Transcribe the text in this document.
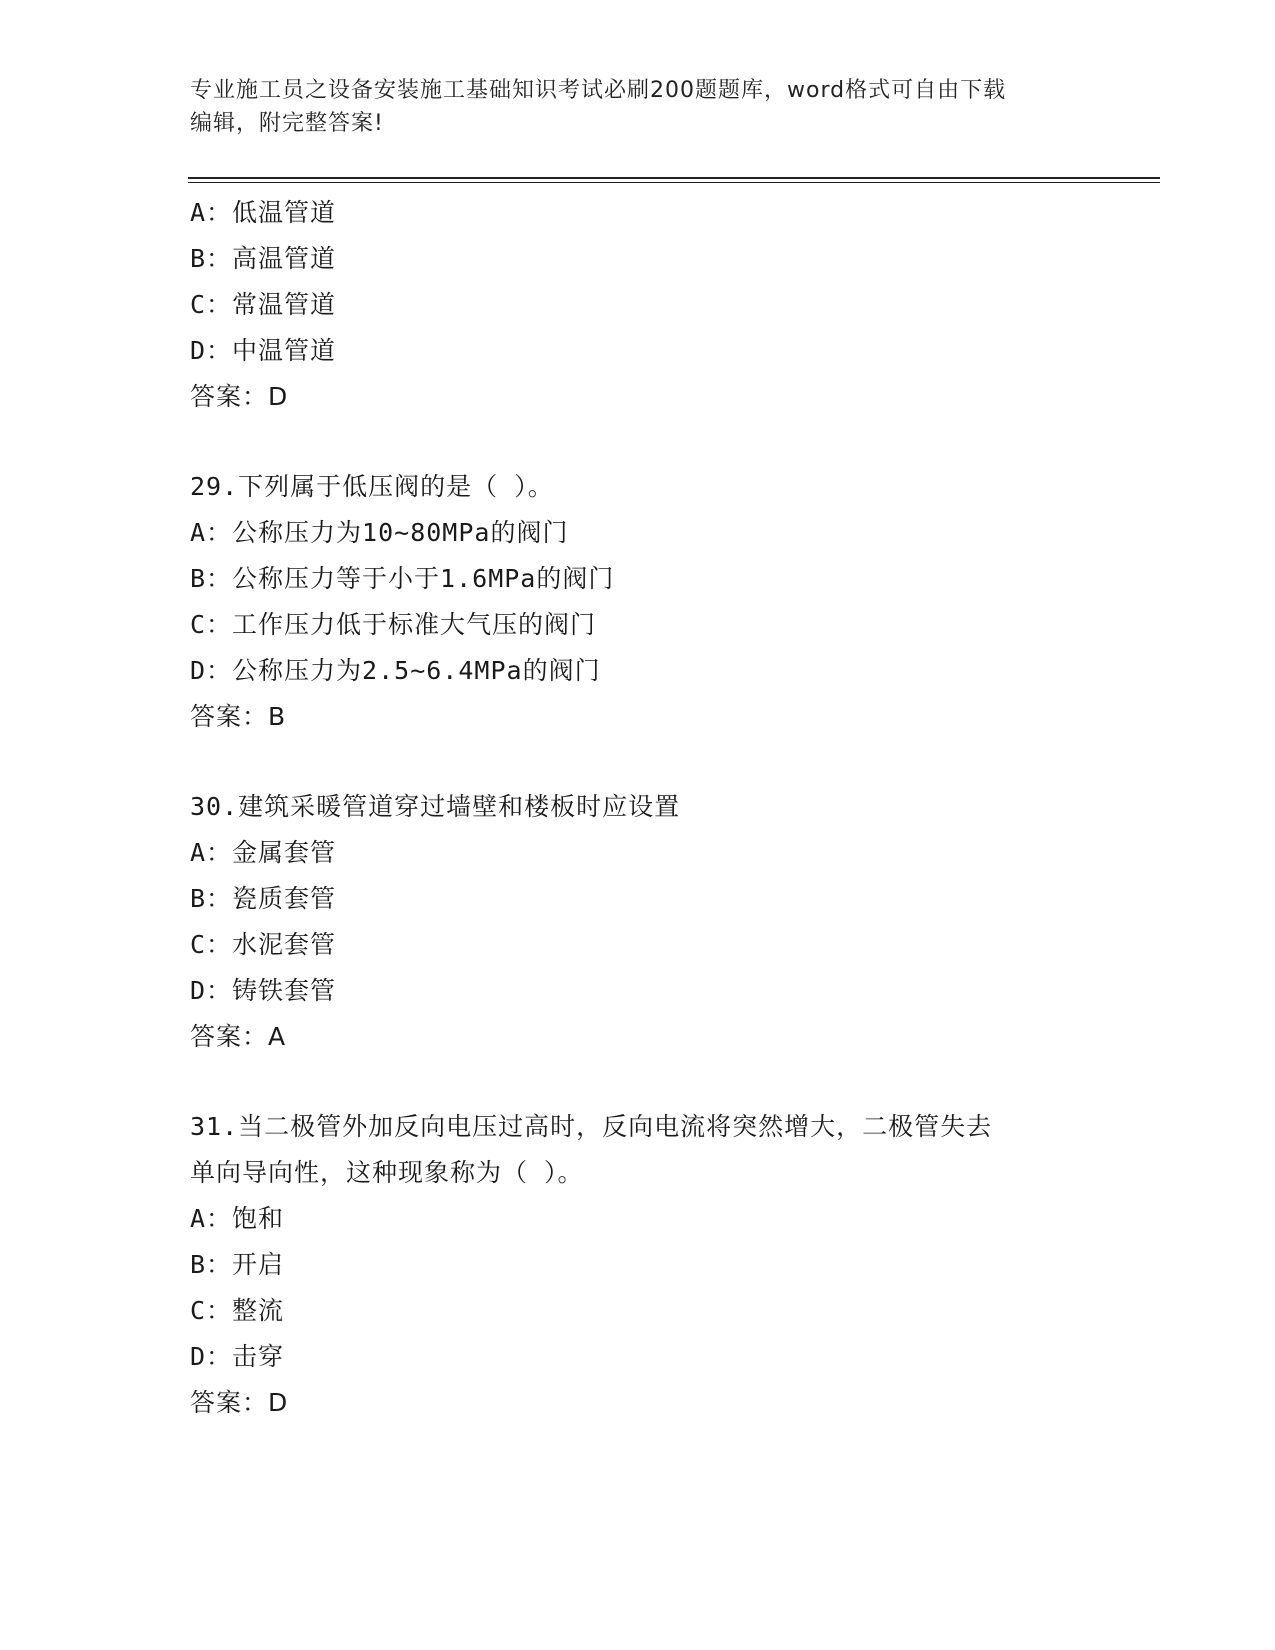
专业施工员之设备安装施工基础知识考试必刷200题题库，word格式可自由下载
编辑，附完整答案!
A：低温管道
B：高温管道
C：常温管道
D：中温管道
答案：D
29.下列属于低压阀的是（ ）。
A：公称压力为10~80MPa的阀门
B：公称压力等于小于1.6MPa的阀门
C：工作压力低于标准大气压的阀门
D：公称压力为2.5~6.4MPa的阀门
答案：B
30.建筑采暖管道穿过墙壁和楼板时应设置
A：金属套管
B：瓷质套管
C：水泥套管
D：铸铁套管
答案：A
31.当二极管外加反向电压过高时，反向电流将突然增大，二极管失去
单向导向性，这种现象称为（ ）。
A：饱和
B：开启
C：整流
D：击穿
答案：D
